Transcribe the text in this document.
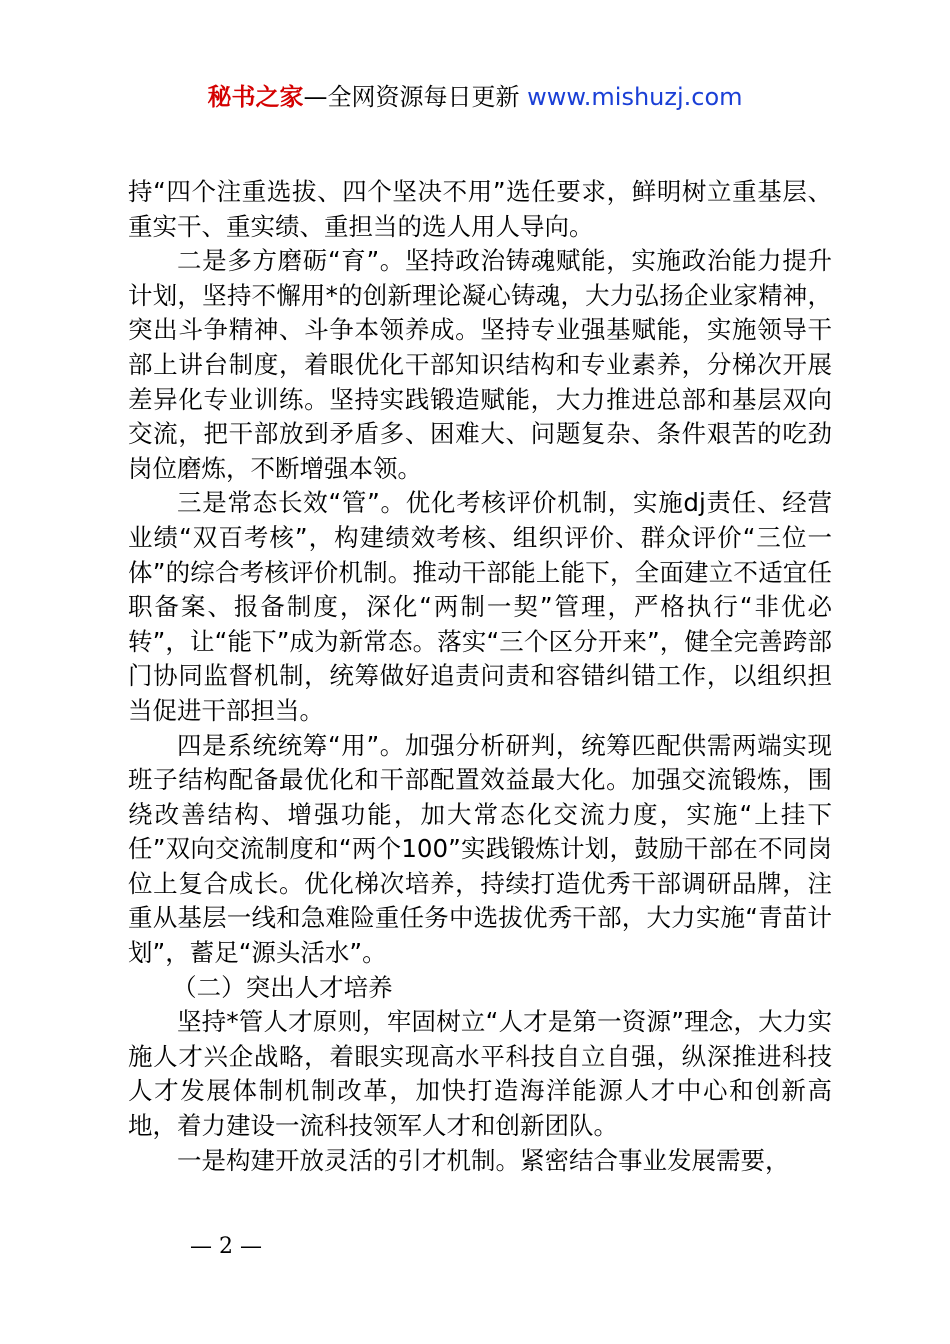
秘书之家—全网资源每日更新 www.mishuzj.com

持“四个注重选拔、四个坚决不用”选任要求，鲜明树立重基层、重实干、重实绩、重担当的选人用人导向。

二是多方磨砺“育”。坚持政治铸魂赋能，实施政治能力提升计划，坚持不懈用*的创新理论凝心铸魂，大力弘扬企业家精神，突出斗争精神、斗争本领养成。坚持专业强基赋能，实施领导干部上讲台制度，着眼优化干部知识结构和专业素养，分梯次开展差异化专业训练。坚持实践锻造赋能，大力推进总部和基层双向交流，把干部放到矛盾多、困难大、问题复杂、条件艰苦的吃劲岗位磨炼，不断增强本领。

三是常态长效“管”。优化考核评价机制，实施dj责任、经营业绩“双百考核”，构建绩效考核、组织评价、群众评价“三位一体”的综合考核评价机制。推动干部能上能下，全面建立不适宜任职备案、报备制度，深化“两制一契”管理，严格执行“非优必转”，让“能下”成为新常态。落实“三个区分开来”，健全完善跨部门协同监督机制，统筹做好追责问责和容错纠错工作，以组织担当促进干部担当。

四是系统统筹“用”。加强分析研判，统筹匹配供需两端实现班子结构配备最优化和干部配置效益最大化。加强交流锻炼，围绕改善结构、增强功能，加大常态化交流力度，实施“上挂下任”双向交流制度和“两个100”实践锻炼计划，鼓励干部在不同岗位上复合成长。优化梯次培养，持续打造优秀干部调研品牌，注重从基层一线和急难险重任务中选拔优秀干部，大力实施“青苗计划”，蓄足“源头活水”。

（二）突出人才培养

坚持*管人才原则，牢固树立“人才是第一资源”理念，大力实施人才兴企战略，着眼实现高水平科技自立自强，纵深推进科技人才发展体制机制改革，加快打造海洋能源人才中心和创新高地，着力建设一流科技领军人才和创新团队。

一是构建开放灵活的引才机制。紧密结合事业发展需要，

— 2 —
